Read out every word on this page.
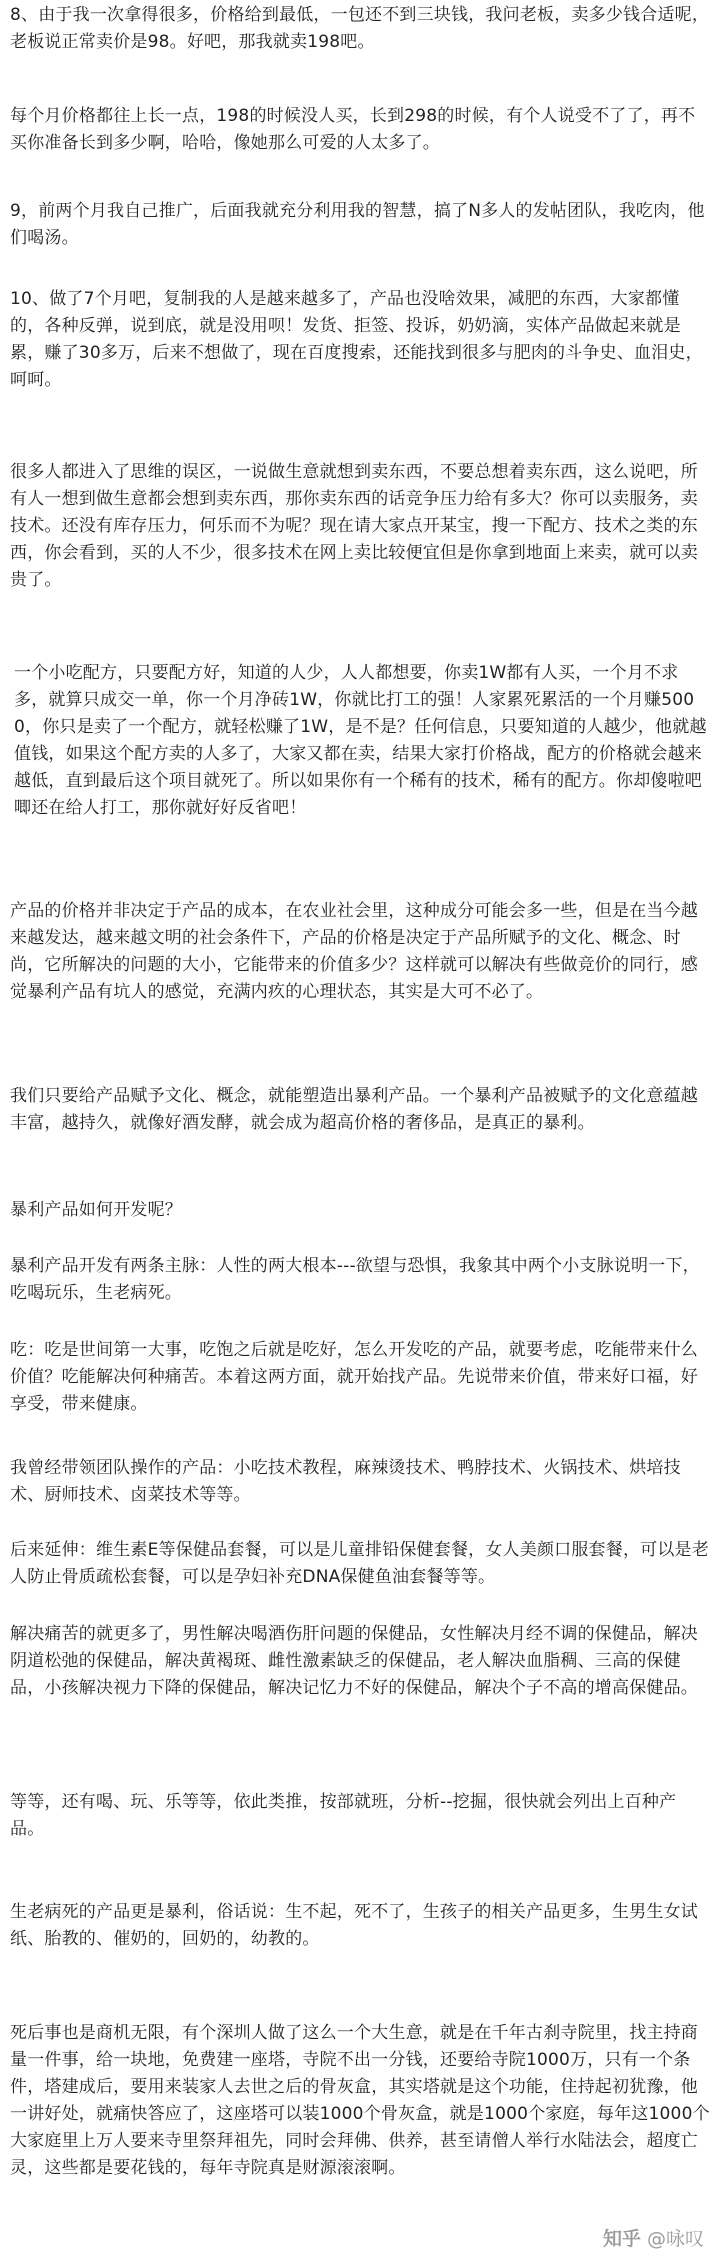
8、由于我一次拿得很多，价格给到最低，一包还不到三块钱，我问老板，卖多少钱合适呢，老板说正常卖价是98。好吧，那我就卖198吧。

每个月价格都往上长一点，198的时候没人买，长到298的时候，有个人说受不了了，再不买你准备长到多少啊，哈哈，像她那么可爱的人太多了。

9，前两个月我自己推广，后面我就充分利用我的智慧，搞了N多人的发帖团队，我吃肉，他们喝汤。

10、做了7个月吧，复制我的人是越来越多了，产品也没啥效果，减肥的东西，大家都懂的，各种反弹，说到底，就是没用呗！发货、拒签、投诉，奶奶滴，实体产品做起来就是累，赚了30多万，后来不想做了，现在百度搜索，还能找到很多与肥肉的斗争史、血泪史，呵呵。

很多人都进入了思维的误区，一说做生意就想到卖东西，不要总想着卖东西，这么说吧，所有人一想到做生意都会想到卖东西，那你卖东西的话竞争压力给有多大？你可以卖服务，卖技术。还没有库存压力，何乐而不为呢？现在请大家点开某宝，搜一下配方、技术之类的东西，你会看到，买的人不少，很多技术在网上卖比较便宜但是你拿到地面上来卖，就可以卖贵了。

一个小吃配方，只要配方好，知道的人少，人人都想要，你卖1W都有人买，一个月不求多，就算只成交一单，你一个月净砖1W，你就比打工的强！人家累死累活的一个月赚5000，你只是卖了一个配方，就轻松赚了1W，是不是？任何信息，只要知道的人越少，他就越值钱，如果这个配方卖的人多了，大家又都在卖，结果大家打价格战，配方的价格就会越来越低，直到最后这个项目就死了。所以如果你有一个稀有的技术，稀有的配方。你却傻啦吧唧还在给人打工，那你就好好反省吧！

产品的价格并非决定于产品的成本，在农业社会里，这种成分可能会多一些，但是在当今越来越发达，越来越文明的社会条件下，产品的价格是决定于产品所赋予的文化、概念、时尚，它所解决的问题的大小，它能带来的价值多少？这样就可以解决有些做竞价的同行，感觉暴利产品有坑人的感觉，充满内疚的心理状态，其实是大可不必了。

我们只要给产品赋予文化、概念，就能塑造出暴利产品。一个暴利产品被赋予的文化意蕴越丰富，越持久，就像好酒发酵，就会成为超高价格的奢侈品，是真正的暴利。

暴利产品如何开发呢？

暴利产品开发有两条主脉：人性的两大根本---欲望与恐惧，我象其中两个小支脉说明一下，吃喝玩乐，生老病死。

吃：吃是世间第一大事，吃饱之后就是吃好，怎么开发吃的产品，就要考虑，吃能带来什么价值？吃能解决何种痛苦。本着这两方面，就开始找产品。先说带来价值，带来好口福，好享受，带来健康。

我曾经带领团队操作的产品：小吃技术教程，麻辣烫技术、鸭脖技术、火锅技术、烘培技术、厨师技术、卤菜技术等等。

后来延伸：维生素E等保健品套餐，可以是儿童排铅保健套餐，女人美颜口服套餐，可以是老人防止骨质疏松套餐，可以是孕妇补充DNA保健鱼油套餐等等。

解决痛苦的就更多了，男性解决喝酒伤肝问题的保健品，女性解决月经不调的保健品，解决阴道松弛的保健品，解决黄褐斑、雌性激素缺乏的保健品，老人解决血脂稠、三高的保健品，小孩解决视力下降的保健品，解决记忆力不好的保健品，解决个子不高的增高保健品。

等等，还有喝、玩、乐等等，依此类推，按部就班，分析--挖掘，很快就会列出上百种产品。

生老病死的产品更是暴利，俗话说：生不起，死不了，生孩子的相关产品更多，生男生女试纸、胎教的、催奶的，回奶的，幼教的。

死后事也是商机无限，有个深圳人做了这么一个大生意，就是在千年古刹寺院里，找主持商量一件事，给一块地，免费建一座塔，寺院不出一分钱，还要给寺院1000万，只有一个条件，塔建成后，要用来装家人去世之后的骨灰盒，其实塔就是这个功能，住持起初犹豫，他一讲好处，就痛快答应了，这座塔可以装1000个骨灰盒，就是1000个家庭，每年这1000个大家庭里上万人要来寺里祭拜祖先，同时会拜佛、供养，甚至请僧人举行水陆法会，超度亡灵，这些都是要花钱的，每年寺院真是财源滚滚啊。

知乎 @咏叹
